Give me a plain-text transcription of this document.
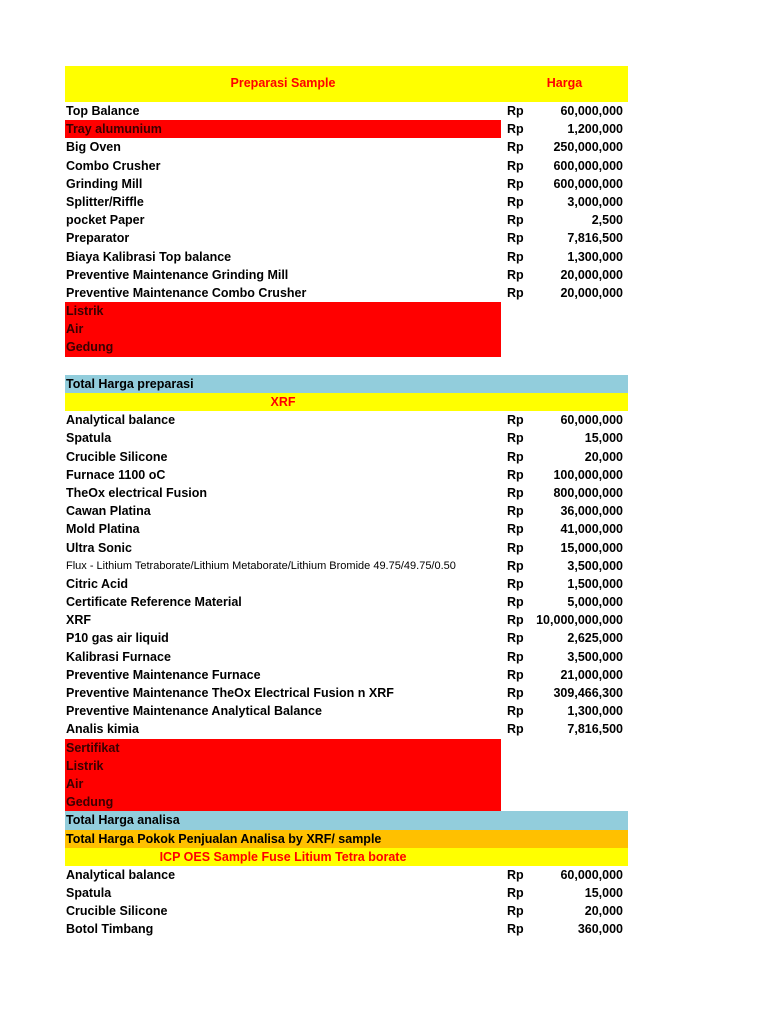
Preparasi Sample	Harga
Top Balance	Rp	60,000,000
Tray alumunium	Rp	1,200,000
Big Oven	Rp 250,000,000
Combo Crusher	Rp 600,000,000
Grinding Mill	Rp 600,000,000
Splitter/Riffle	Rp	3,000,000
pocket Paper	Rp	2,500
Preparator	Rp	7,816,500
Biaya Kalibrasi Top balance	Rp	1,300,000
Preventive Maintenance Grinding Mill	Rp	20,000,000
Preventive Maintenance Combo Crusher	Rp	20,000,000
Listrik
Air
Gedung
Total Harga preparasi
XRF
Analytical balance	Rp	60,000,000
Spatula	Rp	15,000
Crucible Silicone	Rp	20,000
Furnace 1100 oC	Rp 100,000,000
TheOx electrical Fusion	Rp 800,000,000
Cawan Platina	Rp	36,000,000
Mold Platina	Rp	41,000,000
Ultra Sonic	Rp	15,000,000
Flux - Lithium Tetraborate/Lithium Metaborate/Lithium Bromide 49.75/49.75/0.50	Rp	3,500,000
Citric Acid	Rp	1,500,000
Certificate Reference Material	Rp	5,000,000
XRF	Rp 10,000,000,000
P10 gas air liquid	Rp	2,625,000
Kalibrasi Furnace	Rp	3,500,000
Preventive Maintenance Furnace	Rp	21,000,000
Preventive Maintenance TheOx Electrical Fusion n XRF	Rp 309,466,300
Preventive Maintenance Analytical Balance	Rp	1,300,000
Analis kimia	Rp	7,816,500
Sertifikat
Listrik
Air
Gedung
Total Harga analisa
Total Harga Pokok Penjualan Analisa by XRF/ sample
ICP OES Sample Fuse Litium Tetra borate
Analytical balance	Rp	60,000,000
Spatula	Rp	15,000
Crucible Silicone	Rp	20,000
Botol Timbang	Rp	360,000
